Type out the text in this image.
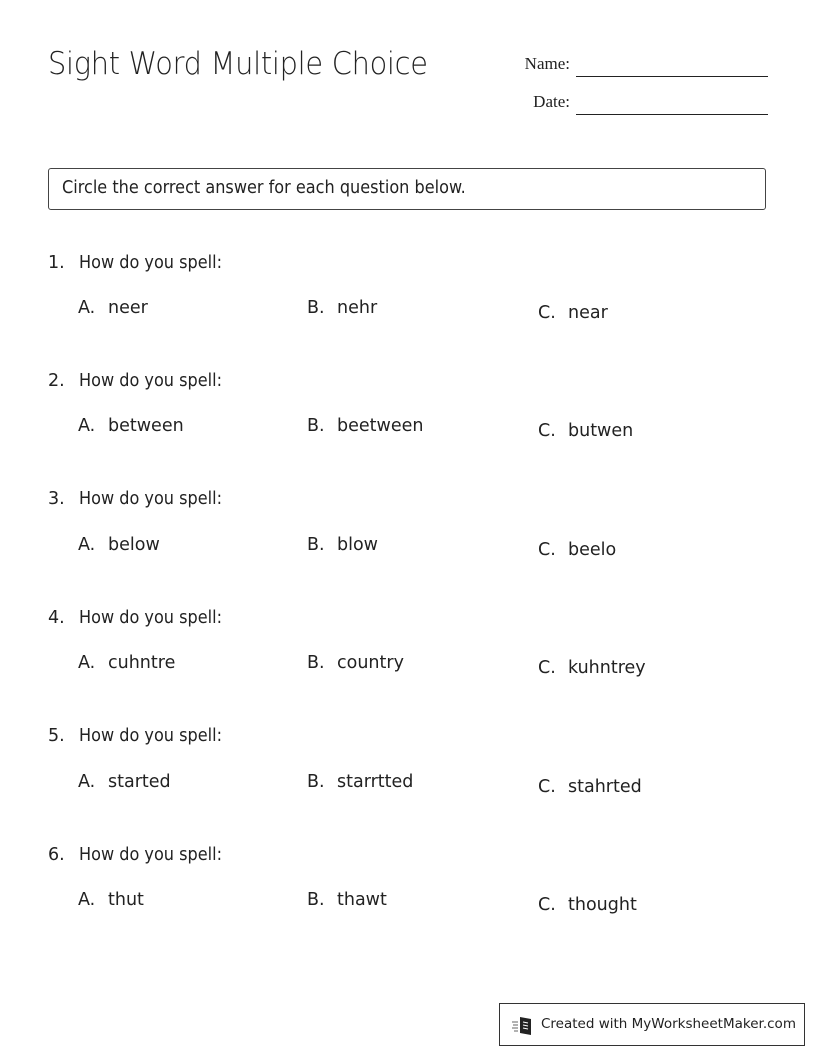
Sight Word Multiple Choice	Name:
Date:
Circle the correct answer for each question below.
1. How do you spell:
A. neer	B. nehr	C. near
2. How do you spell:
A. between	B. beetween	C. butwen
3. How do you spell:
A. below	B. blow	C. beelo
4. How do you spell:
A. cuhntre	B. country	C. kuhntrey
5. How do you spell:
A. started	B. starrtted	C. stahrted
6. How do you spell:
A. thut	B. thawt	C. thought
Created with MyWorksheetMaker.com
